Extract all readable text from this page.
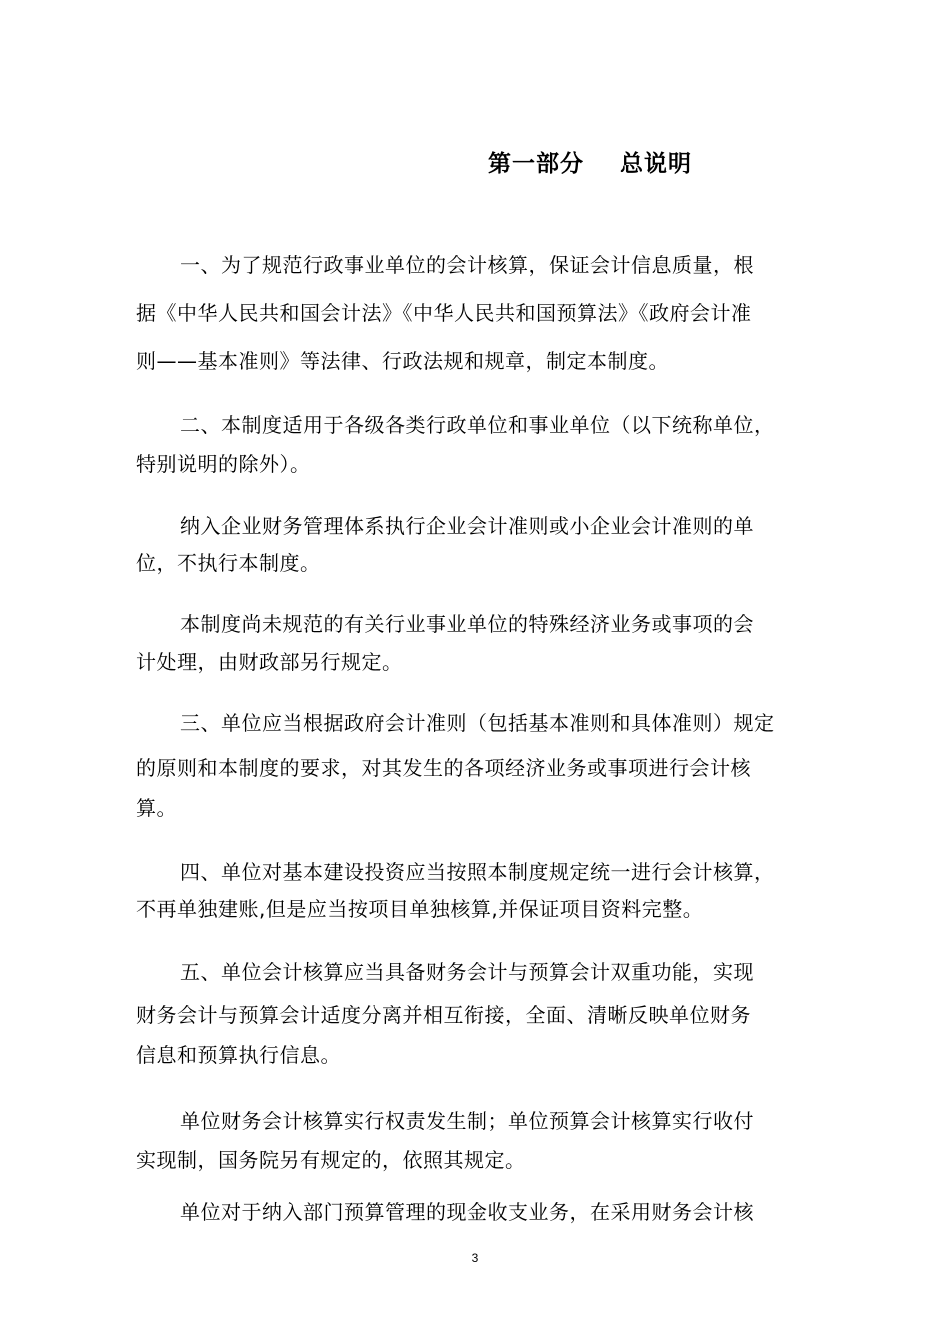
第一部分    总说明
一、为了规范行政事业单位的会计核算，保证会计信息质量，根
据《中华人民共和国会计法》《中华人民共和国预算法》《政府会计准
则——基本准则》等法律、行政法规和规章，制定本制度。
二、本制度适用于各级各类行政单位和事业单位（以下统称单位，
特别说明的除外）。
纳入企业财务管理体系执行企业会计准则或小企业会计准则的单
位，不执行本制度。
本制度尚未规范的有关行业事业单位的特殊经济业务或事项的会
计处理，由财政部另行规定。
三、单位应当根据政府会计准则（包括基本准则和具体准则）规定
的原则和本制度的要求，对其发生的各项经济业务或事项进行会计核
算。
四、单位对基本建设投资应当按照本制度规定统一进行会计核算，
不再单独建账,但是应当按项目单独核算,并保证项目资料完整。
五、单位会计核算应当具备财务会计与预算会计双重功能，实现
财务会计与预算会计适度分离并相互衔接，全面、清晰反映单位财务
信息和预算执行信息。
单位财务会计核算实行权责发生制；单位预算会计核算实行收付
实现制，国务院另有规定的，依照其规定。
单位对于纳入部门预算管理的现金收支业务，在采用财务会计核
3
